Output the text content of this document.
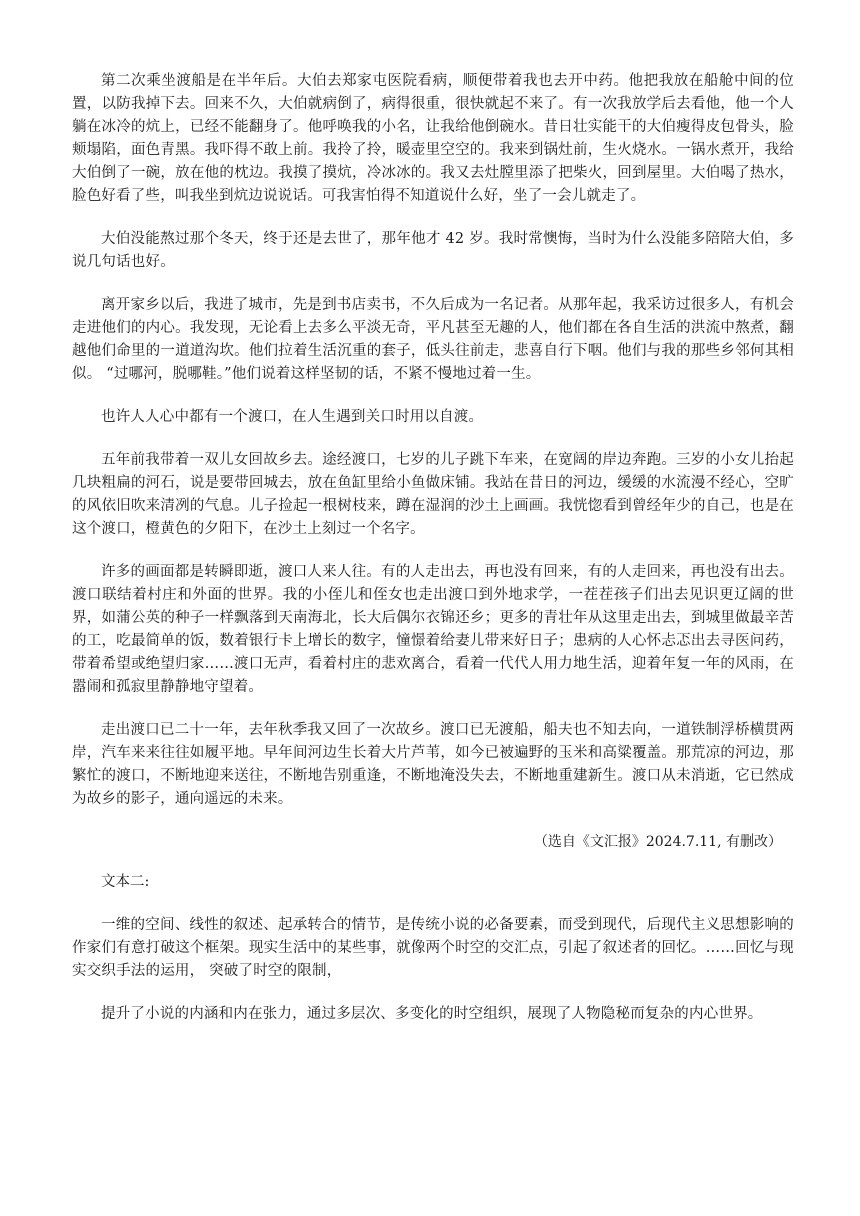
第二次乘坐渡船是在半年后。大伯去郑家屯医院看病，顺便带着我也去开中药。他把我放在船舱中间的位置，以防我掉下去。回来不久，大伯就病倒了，病得很重，很快就起不来了。有一次我放学后去看他，他一个人躺在冰冷的炕上，已经不能翻身了。他呼唤我的小名，让我给他倒碗水。昔日壮实能干的大伯瘦得皮包骨头，脸颊塌陷，面色青黑。我吓得不敢上前。我拎了拎，暖壶里空空的。我来到锅灶前，生火烧水。一锅水煮开，我给大伯倒了一碗，放在他的枕边。我摸了摸炕，冷冰冰的。我又去灶膛里添了把柴火，回到屋里。大伯喝了热水，脸色好看了些，叫我坐到炕边说说话。可我害怕得不知道说什么好，坐了一会儿就走了。

大伯没能熬过那个冬天，终于还是去世了，那年他才 42 岁。我时常懊悔，当时为什么没能多陪陪大伯，多说几句话也好。

离开家乡以后，我进了城市，先是到书店卖书，不久后成为一名记者。从那年起，我采访过很多人，有机会走进他们的内心。我发现，无论看上去多么平淡无奇，平凡甚至无趣的人，他们都在各自生活的洪流中熬煮，翻越他们命里的一道道沟坎。他们拉着生活沉重的套子，低头往前走，悲喜自行下咽。他们与我的那些乡邻何其相似。 “过哪河，脱哪鞋。”他们说着这样坚韧的话，不紧不慢地过着一生。

也许人人心中都有一个渡口，在人生遇到关口时用以自渡。

五年前我带着一双儿女回故乡去。途经渡口，七岁的儿子跳下车来，在宽阔的岸边奔跑。三岁的小女儿抬起几块粗扁的河石，说是要带回城去，放在鱼缸里给小鱼做床铺。我站在昔日的河边，缓缓的水流漫不经心，空旷的风依旧吹来清冽的气息。儿子捡起一根树枝来，蹲在湿润的沙土上画画。我恍惚看到曾经年少的自己，也是在这个渡口，橙黄色的夕阳下，在沙土上刻过一个名字。

许多的画面都是转瞬即逝，渡口人来人往。有的人走出去，再也没有回来，有的人走回来，再也没有出去。渡口联结着村庄和外面的世界。我的小侄儿和侄女也走出渡口到外地求学，一茬茬孩子们出去见识更辽阔的世界，如蒲公英的种子一样飘落到天南海北，长大后偶尔衣锦还乡；更多的青壮年从这里走出去，到城里做最辛苦的工，吃最简单的饭，数着银行卡上增长的数字，憧憬着给妻儿带来好日子；患病的人心怀忐忑出去寻医问药，带着希望或绝望归家……渡口无声，看着村庄的悲欢离合，看着一代代人用力地生活，迎着年复一年的风雨，在嚣闹和孤寂里静静地守望着。

走出渡口已二十一年，去年秋季我又回了一次故乡。渡口已无渡船，船夫也不知去向，一道铁制浮桥横贯两岸，汽车来来往往如履平地。早年间河边生长着大片芦苇，如今已被遍野的玉米和高粱覆盖。那荒凉的河边，那繁忙的渡口，不断地迎来送往，不断地告别重逢，不断地淹没失去，不断地重建新生。渡口从未消逝，它已然成为故乡的影子，通向遥远的未来。

（选自《文汇报》2024.7.11, 有删改）
文本二:

一维的空间、线性的叙述、起承转合的情节，是传统小说的必备要素，而受到现代，后现代主义思想影响的作家们有意打破这个框架。现实生活中的某些事，就像两个时空的交汇点，引起了叙述者的回忆。……回忆与现实交织手法的运用， 突破了时空的限制，

提升了小说的内涵和内在张力，通过多层次、多变化的时空组织，展现了人物隐秘而复杂的内心世界。
